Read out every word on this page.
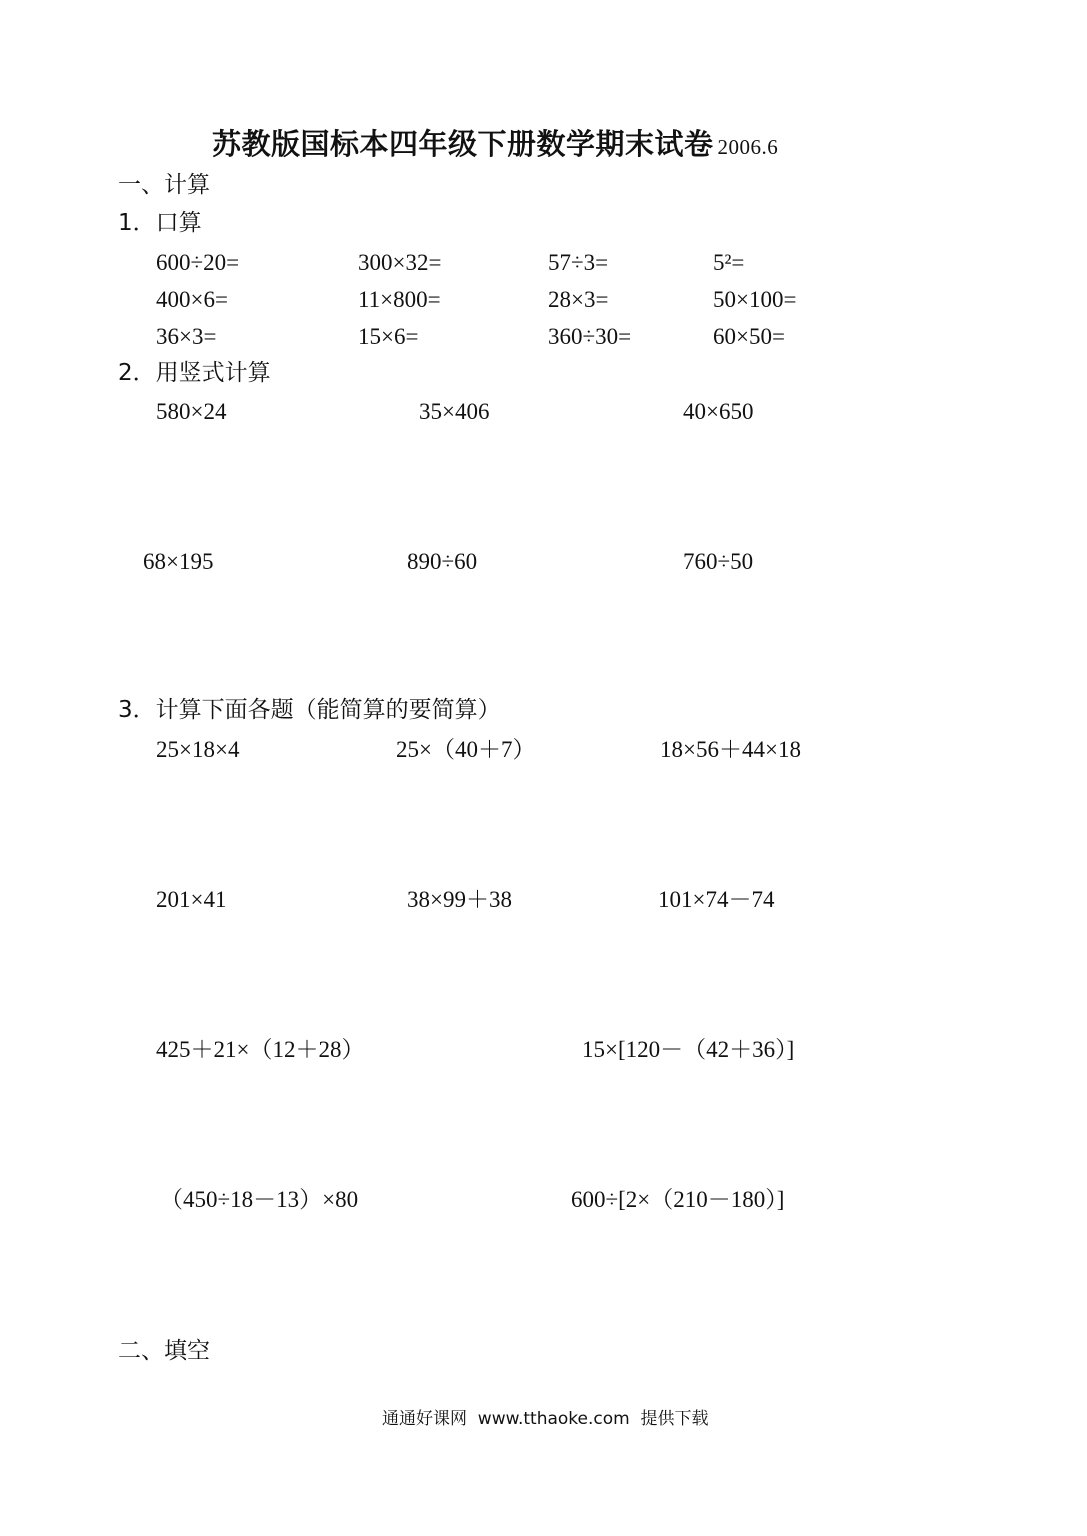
苏教版国标本四年级下册数学期末试卷 2006.6
一、计算
1．口算
600÷20=	300×32=	57÷3=	5²=
400×6=	11×800=	28×3=	50×100=
36×3=	15×6=	360÷30=	60×50=
2．用竖式计算
580×24	35×406	40×650
68×195	890÷60	760÷50
3．计算下面各题（能简算的要简算）
25×18×4	25×（40＋7）	18×56＋44×18
201×41	38×99＋38	101×74－74
425＋21×（12＋28）	15×[120－（42＋36）]
（450÷18－13）×80	600÷[2×（210－180）]
二、填空
通通好课网  www.tthaoke.com  提供下载
